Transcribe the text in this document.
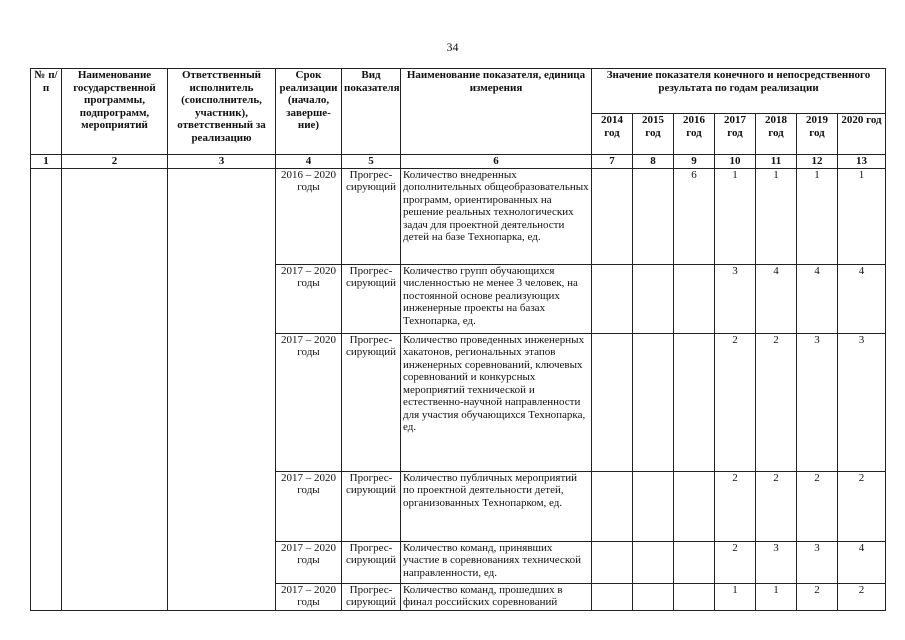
34
№ п/п	Наименование государственной программы, подпрограмм, мероприятий	Ответственный исполнитель (соисполнитель, участник), ответственный за реализацию	Срок реализации (начало, заверше-ние)	Вид показателя	Наименование показателя, единица измерения	Значение показателя конечного и непосредственного результата по годам реализации						
						2014 год	2015 год	2016 год	2017 год	2018 год	2019 год	2020 год
1	2	3	4	5	6	7	8	9	10	11	12	13
			2016 – 2020 годы	Прогрес-сирующий	Количество внедренных дополнительных общеобразовательных программ, ориентированных на решение реальных технологических задач для проектной деятельности детей на базе Технопарка, ед.			6	1	1	1	1
			2017 – 2020 годы	Прогрес-сирующий	Количество групп обучающихся численностью не менее 3 человек, на постоянной основе реализующих инженерные проекты на базах Технопарка, ед.				3	4	4	4
			2017 – 2020 годы	Прогрес-сирующий	Количество проведенных инженерных хакатонов, региональных этапов инженерных соревнований, ключевых соревнований и конкурсных мероприятий технической и естественно-научной направленности для участия обучающихся Технопарка, ед.				2	2	3	3
			2017 – 2020 годы	Прогрес-сирующий	Количество публичных мероприятий по проектной деятельности детей, организованных Технопарком, ед.				2	2	2	2
			2017 – 2020 годы	Прогрес-сирующий	Количество команд, принявших участие в соревнованиях технической направленности, ед.				2	3	3	4
			2017 – 2020 годы	Прогрес-сирующий	Количество команд, прошедших в финал российских соревнований				1	1	2	2
